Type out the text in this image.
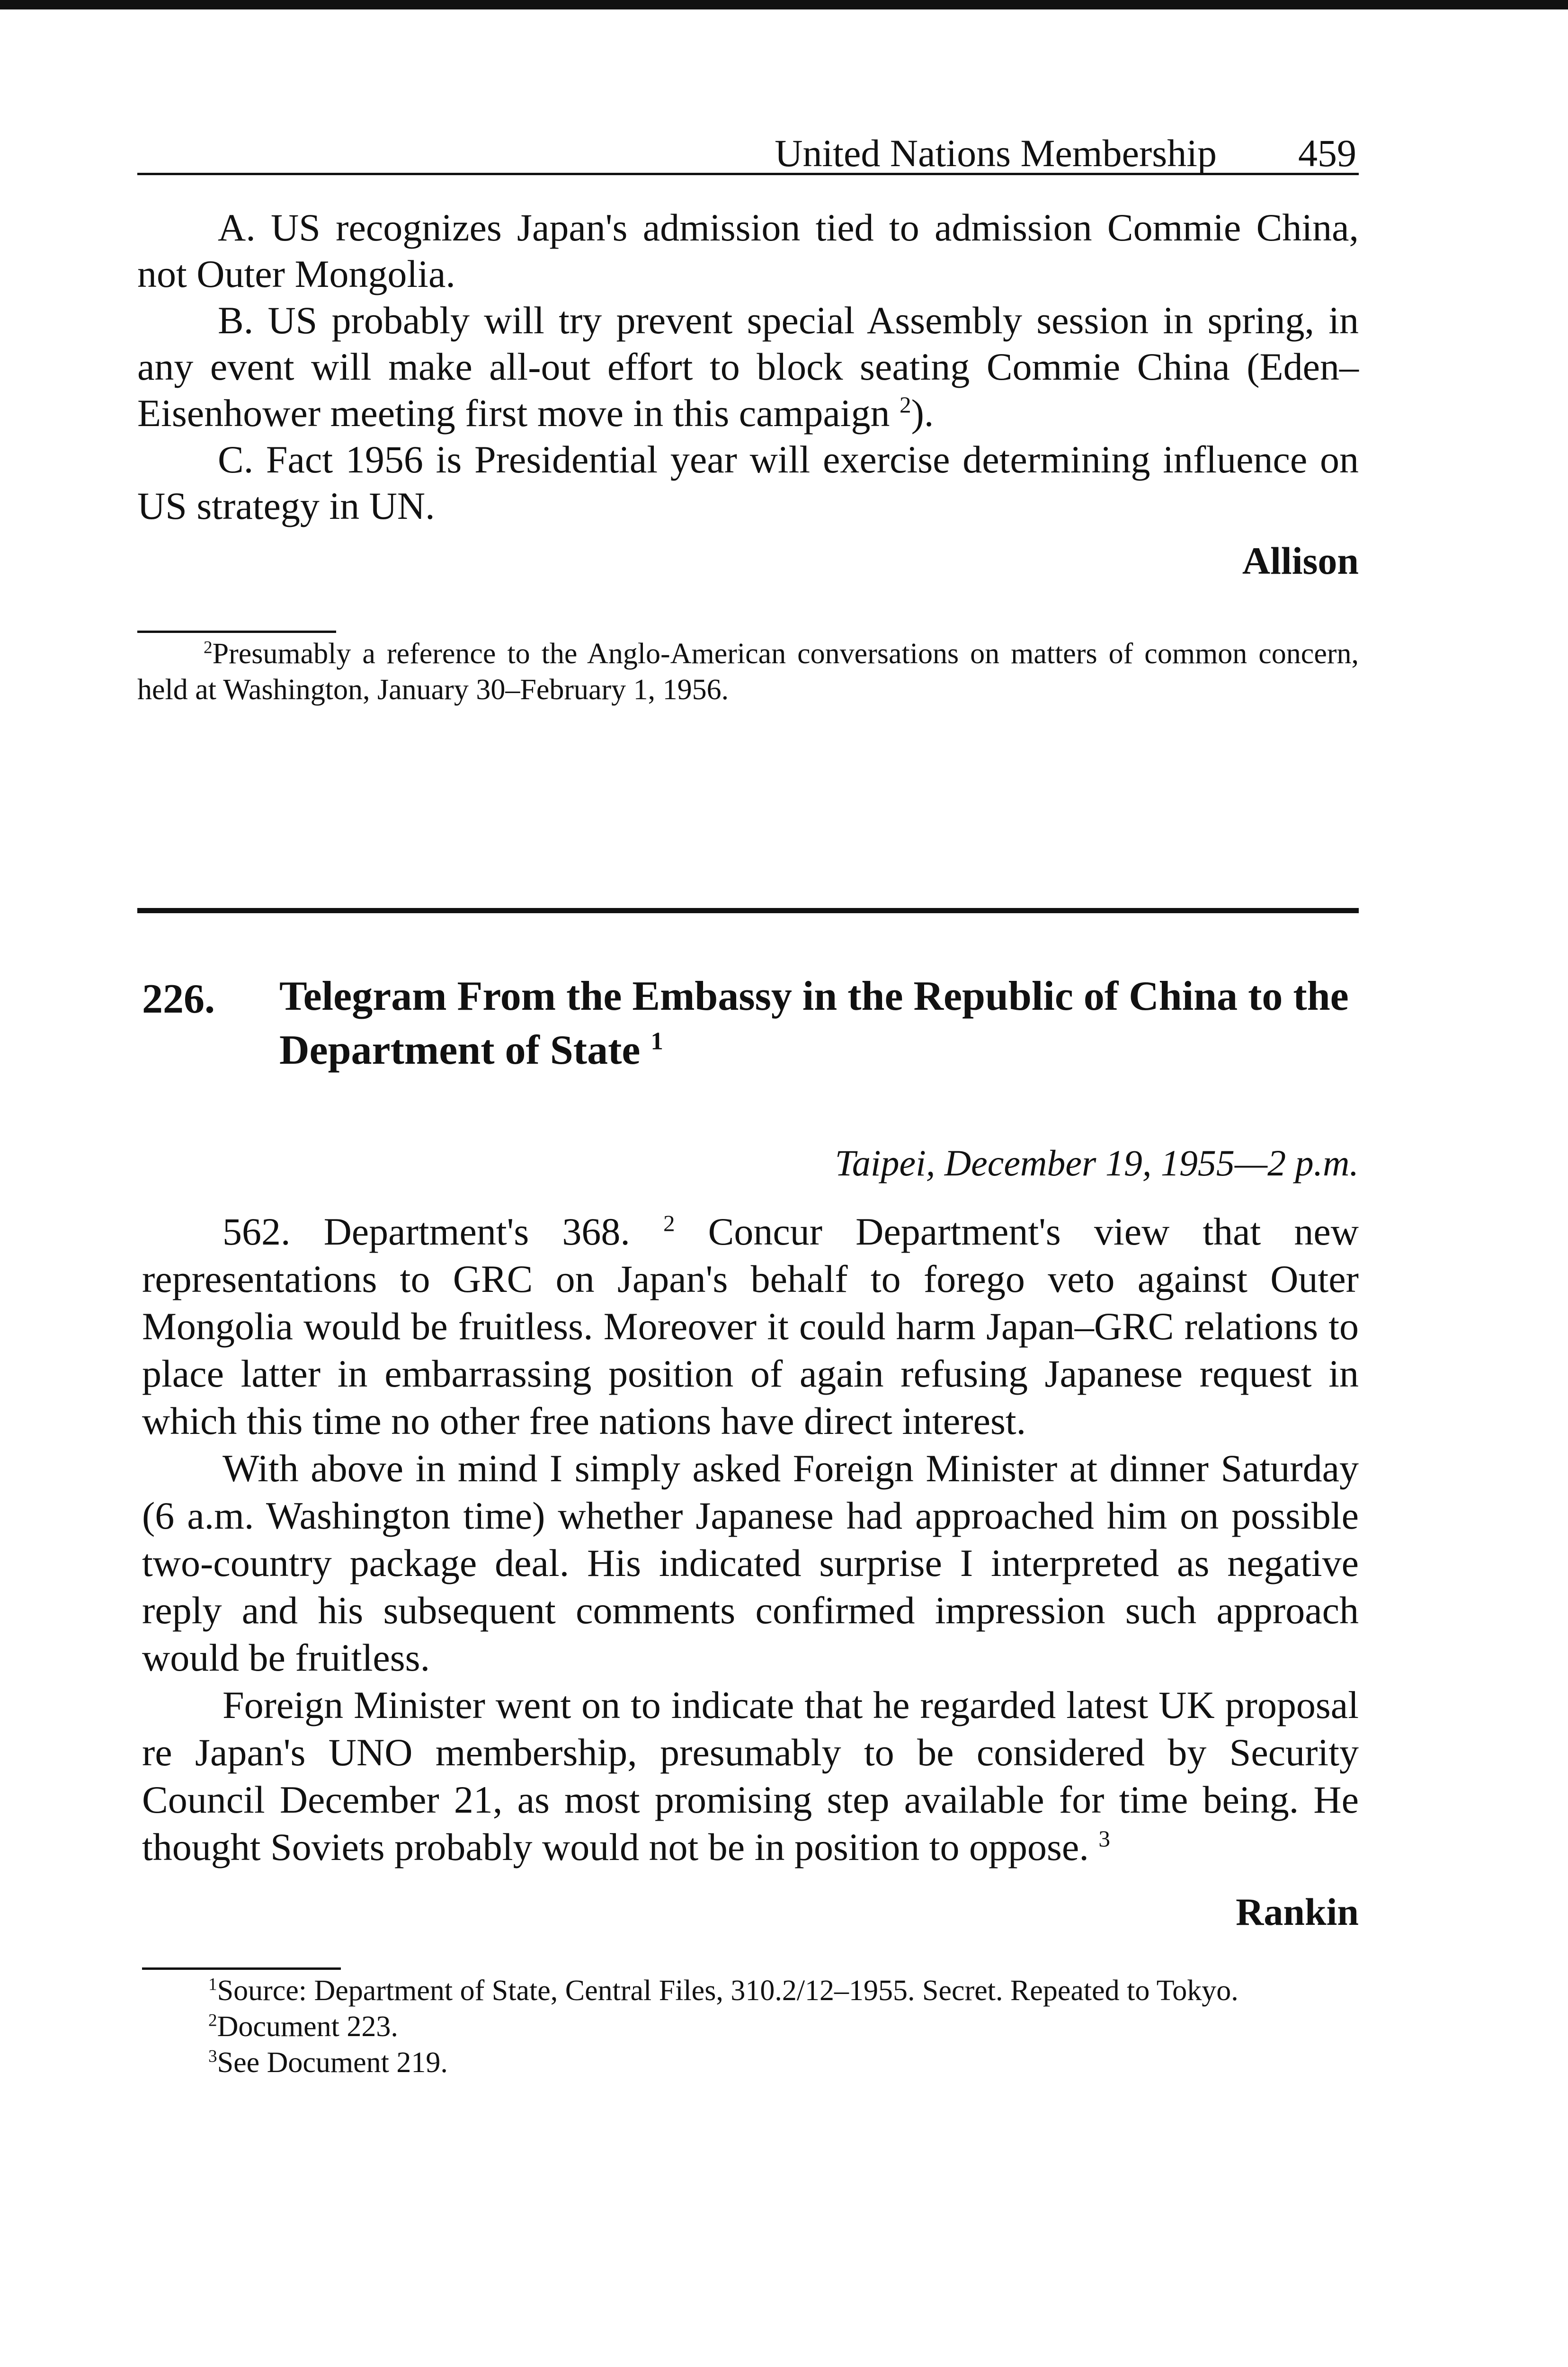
United Nations Membership 459

A. US recognizes Japan's admission tied to admission Commie China, not Outer Mongolia.

B. US probably will try prevent special Assembly session in spring, in any event will make all-out effort to block seating Commie China (Eden–Eisenhower meeting first move in this campaign $^2$).

C. Fact 1956 is Presidential year will exercise determining influence on US strategy in UN.

Allison

$^2$Presumably a reference to the Anglo-American conversations on matters of common concern, held at Washington, January 30–February 1, 1956.

226. Telegram From the Embassy in the Republic of China to the Department of State $^1$
Taipei, December 19, 1955—2 p.m.

562. Department's 368. $^2$ Concur Department's view that new representations to GRC on Japan's behalf to forego veto against Outer Mongolia would be fruitless. Moreover it could harm Japan–GRC relations to place latter in embarrassing position of again refusing Japanese request in which this time no other free nations have direct interest.

With above in mind I simply asked Foreign Minister at dinner Saturday (6 a.m. Washington time) whether Japanese had approached him on possible two-country package deal. His indicated surprise I interpreted as negative reply and his subsequent comments confirmed impression such approach would be fruitless.

Foreign Minister went on to indicate that he regarded latest UK proposal re Japan's UNO membership, presumably to be considered by Security Council December 21, as most promising step available for time being. He thought Soviets probably would not be in position to oppose. $^3$

Rankin

$^1$Source: Department of State, Central Files, 310.2/12–1955. Secret. Repeated to Tokyo.

$^2$Document 223.

$^3$See Document 219.
